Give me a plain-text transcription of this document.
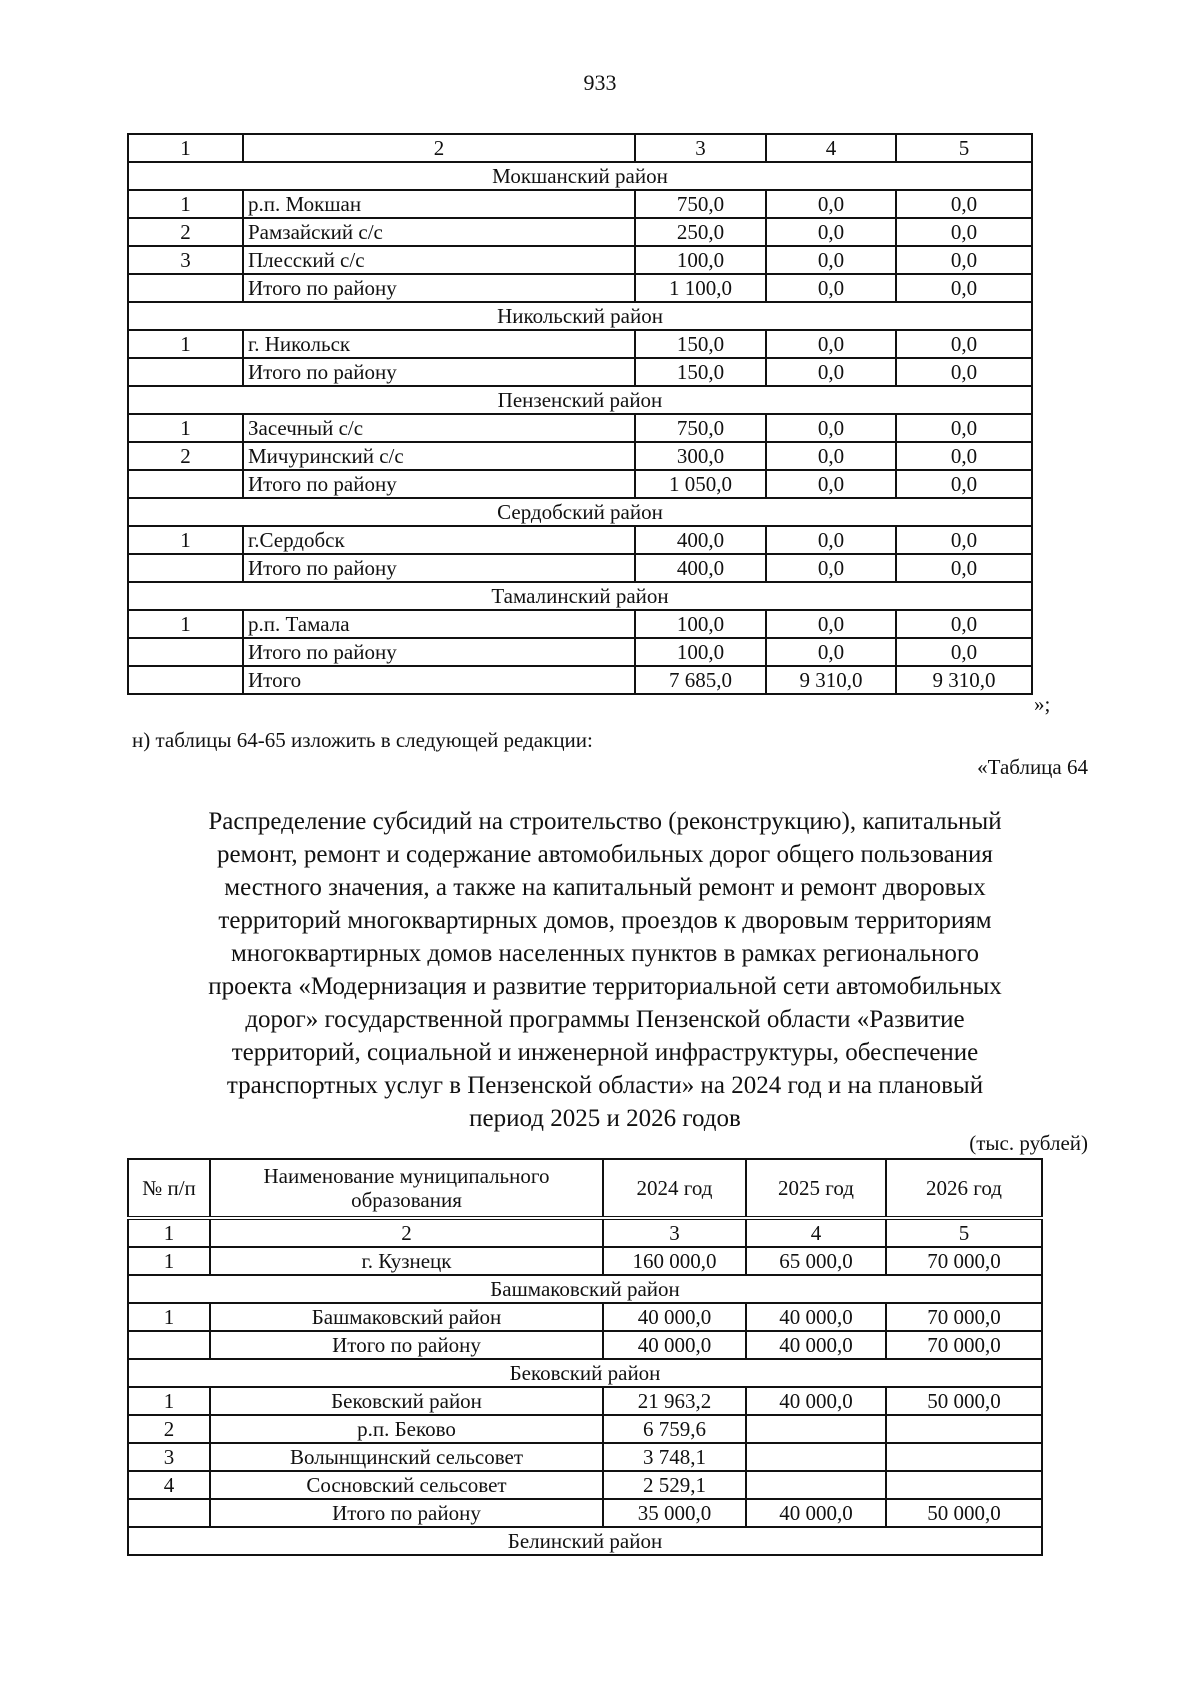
933
1	2	3	4	5
Мокшанский район				
1	р.п. Мокшан	750,0	0,0	0,0
2	Рамзайский с/с	250,0	0,0	0,0
3	Плесский с/с	100,0	0,0	0,0
	Итого по району	1 100,0	0,0	0,0
Никольский район				
1	г. Никольск	150,0	0,0	0,0
	Итого по району	150,0	0,0	0,0
Пензенский район				
1	Засечный с/с	750,0	0,0	0,0
2	Мичуринский с/с	300,0	0,0	0,0
	Итого по району	1 050,0	0,0	0,0
Сердобский район				
1	г.Сердобск	400,0	0,0	0,0
	Итого по району	400,0	0,0	0,0
Тамалинский район				
1	р.п. Тамала	100,0	0,0	0,0
	Итого по району	100,0	0,0	0,0
	Итого	7 685,0	9 310,0	9 310,0
»;
н) таблицы 64-65 изложить в следующей редакции:
«Таблица 64
Распределение субсидий на строительство (реконструкцию), капитальный
ремонт, ремонт и содержание автомобильных дорог общего пользования
местного значения, а также на капитальный ремонт и ремонт дворовых
территорий многоквартирных домов, проездов к дворовым территориям
многоквартирных домов населенных пунктов в рамках регионального
проекта «Модернизация и развитие территориальной сети автомобильных
дорог» государственной программы Пензенской области «Развитие
территорий, социальной и инженерной инфраструктуры, обеспечение
транспортных услуг в Пензенской области» на 2024 год и на плановый
период 2025 и 2026 годов
(тыс. рублей)
№ п/п	Наименование муниципального образования	2024 год	2025 год	2026 год
1	2	3	4	5
1	г. Кузнецк	160 000,0	65 000,0	70 000,0
Башмаковский район				
1	Башмаковский район	40 000,0	40 000,0	70 000,0
	Итого по району	40 000,0	40 000,0	70 000,0
Бековский район				
1	Бековский район	21 963,2	40 000,0	50 000,0
2	р.п. Беково	6 759,6		
3	Волынщинский сельсовет	3 748,1		
4	Сосновский сельсовет	2 529,1		
	Итого по району	35 000,0	40 000,0	50 000,0
Белинский район				
